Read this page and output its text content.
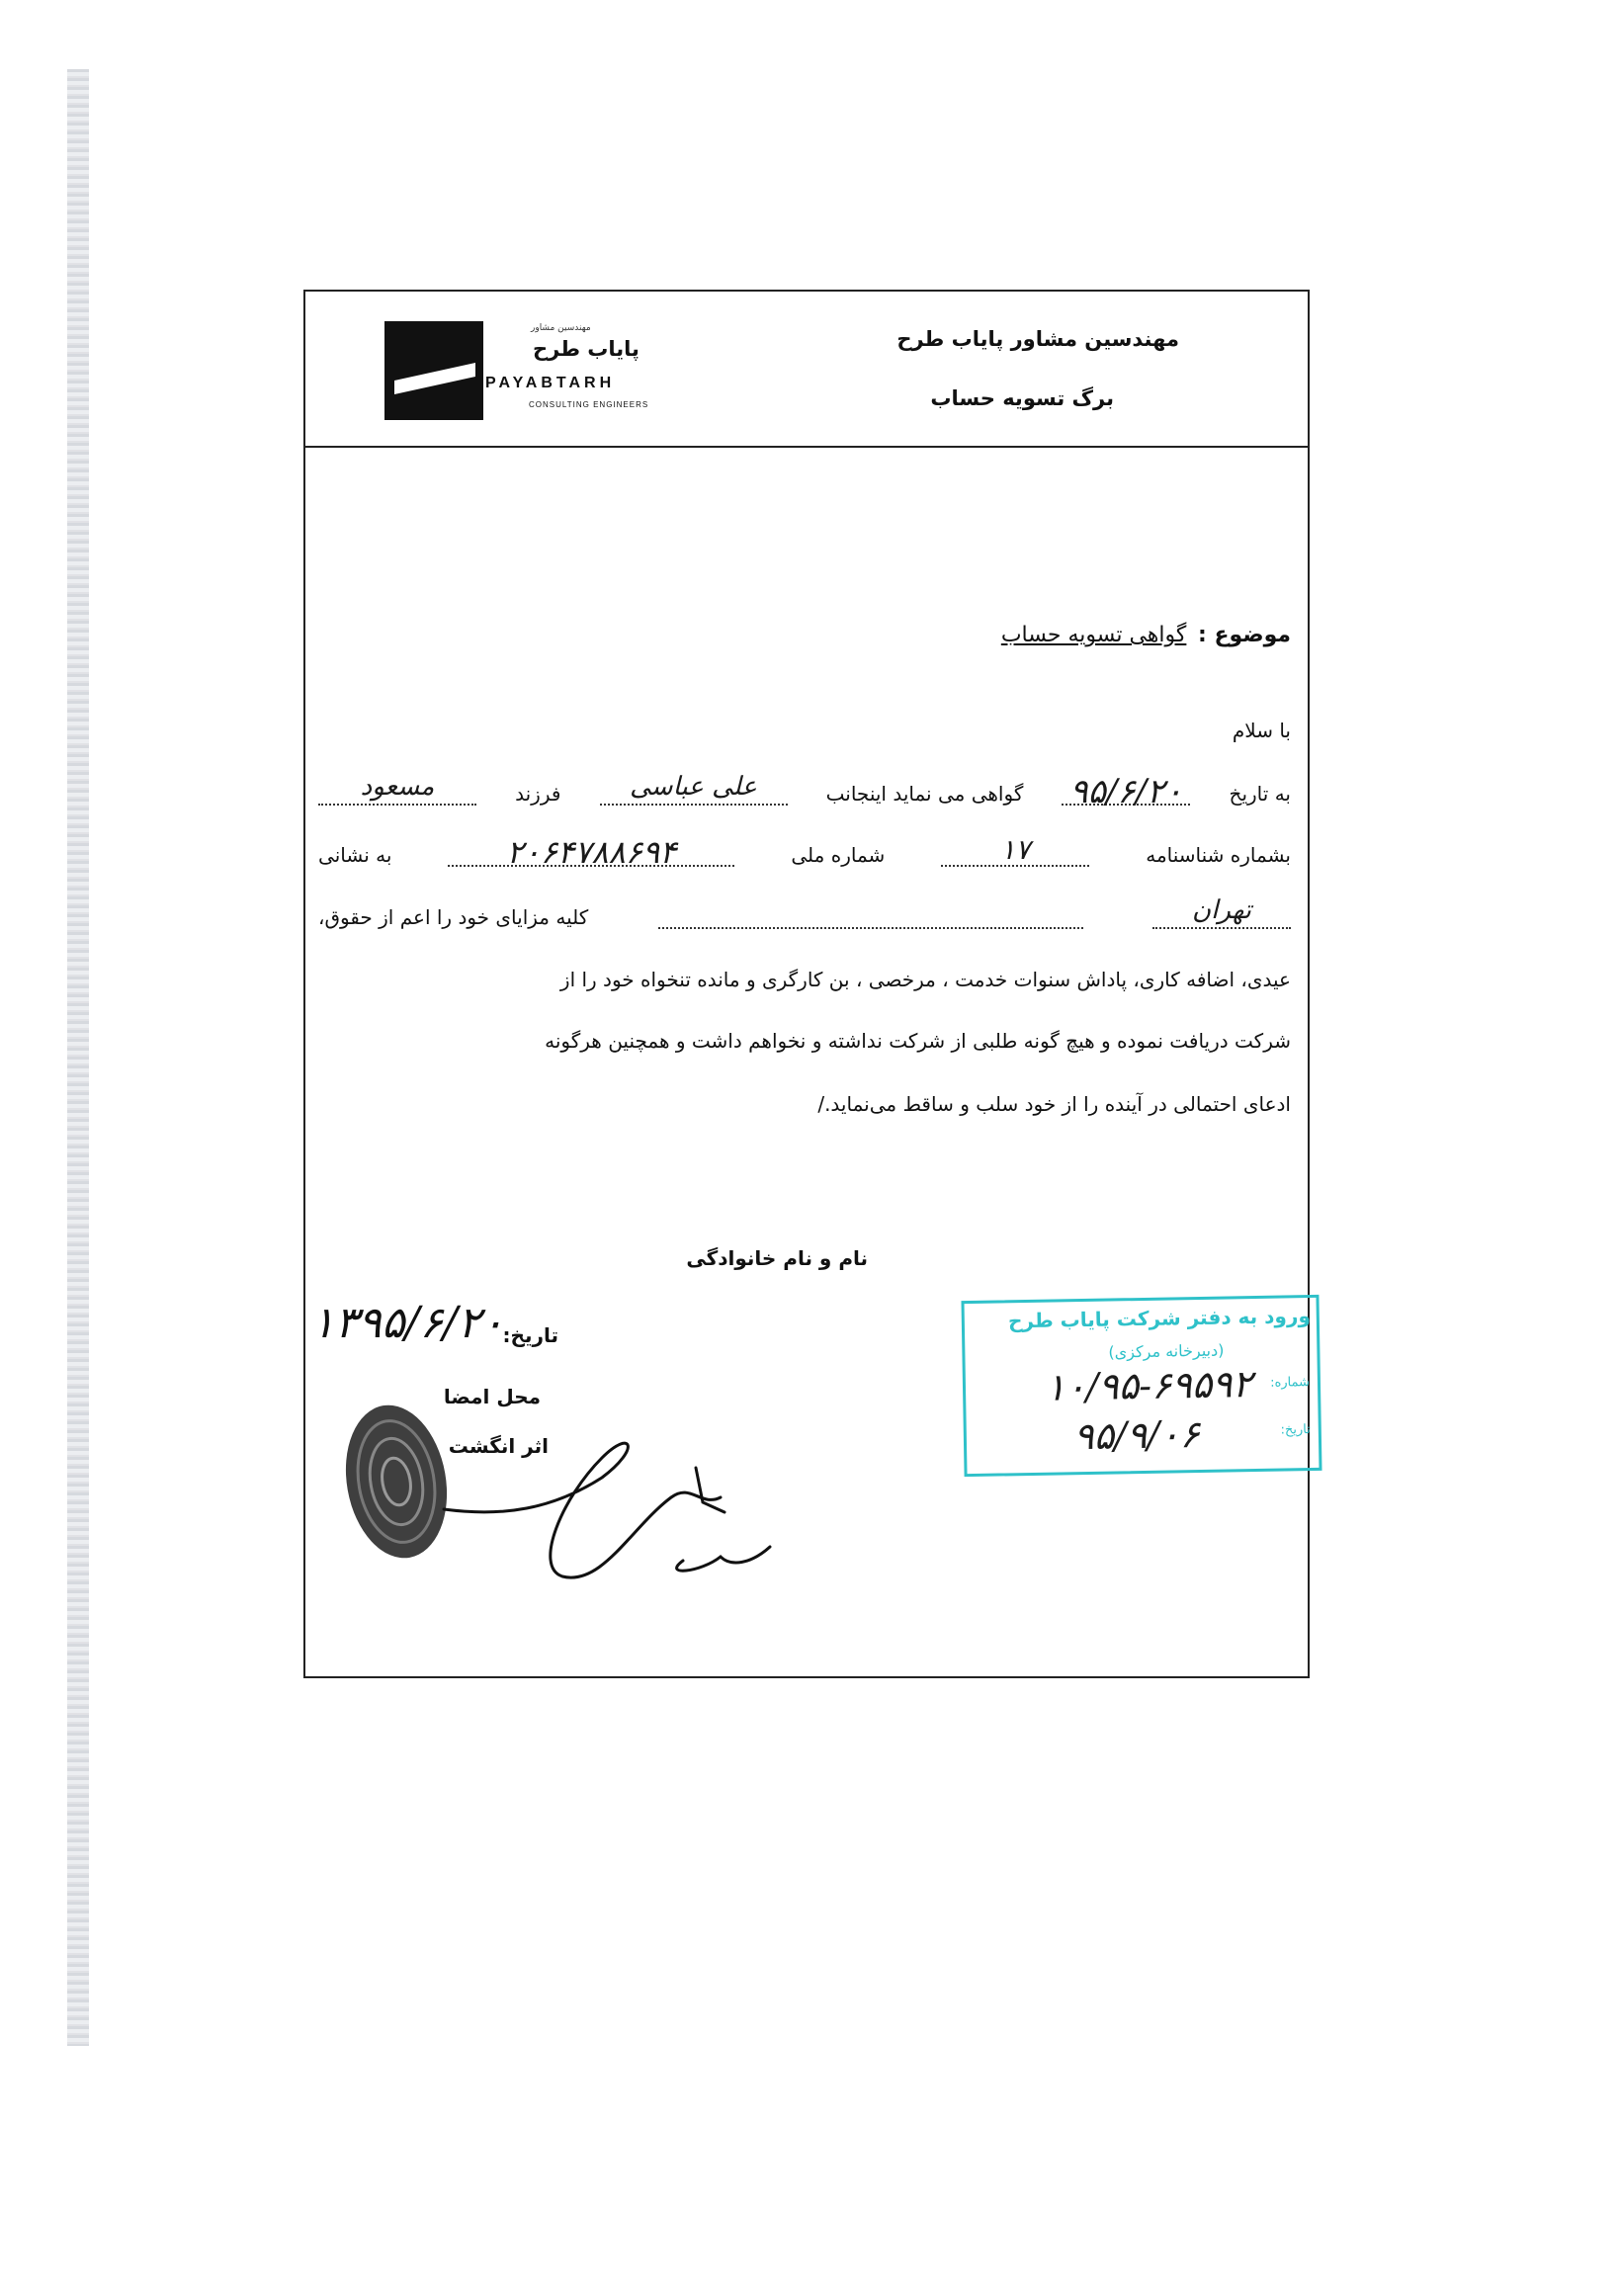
مهندسین مشاور پایاب طرح
برگ تسویه حساب
مهندسین مشاور
پایاب طرح
PAYABTARH
CONSULTING ENGINEERS
موضوع : گواهی تسویه حساب
با سلام
به تاریخ
۹۵/۶/۲۰
گواهی می نماید اینجانب
علی عباسی
فرزند
مسعود
بشماره شناسنامه
۱۷
شماره ملی
۲۰۶۴۷۸۸۶۹۴
به نشانی
تهران
کلیه مزایای خود را اعم از حقوق،
عیدی، اضافه کاری، پاداش سنوات خدمت ، مرخصی ، بن کارگری و مانده تنخواه خود را از
شرکت دریافت نموده و هیچ گونه طلبی از شرکت نداشته و نخواهم داشت و همچنین هرگونه
ادعای احتمالی در آینده را از خود سلب و ساقط می‌نماید./
نام و نام خانوادگی
۱۳۹۵/۶/۲۰
تاریخ:
محل امضا
اثر انگشت
ورود به دفتر شرکت پایاب طرح
(دبیرخانه مرکزی)
شماره:
۱۰/۹۵-۶۹۵۹۲
تاریخ:
۹۵/۹/۰۶
